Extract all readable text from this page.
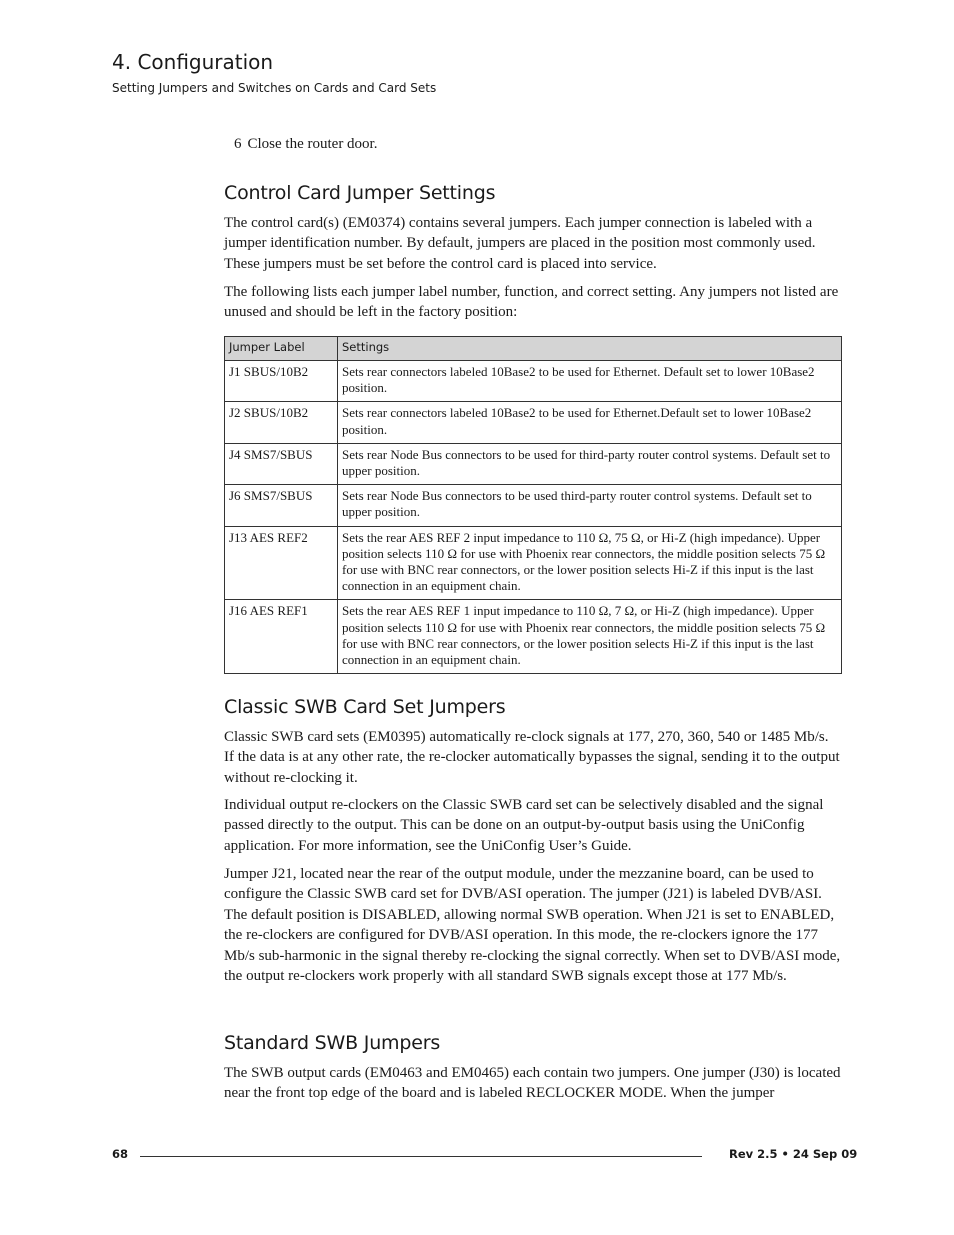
4. Configuration
Setting Jumpers and Switches on Cards and Card Sets
6 Close the router door.
Control Card Jumper Settings

The control card(s) (EM0374) contains several jumpers. Each jumper connection is labeled with a jumper identification number. By default, jumpers are placed in the position most commonly used. These jumpers must be set before the control card is placed into service.

The following lists each jumper label number, function, and correct setting. Any jumpers not listed are unused and should be left in the factory position:

Jumper Label	Settings
J1 SBUS/10B2	Sets rear connectors labeled 10Base2 to be used for Ethernet. Default set to lower 10Base2 position.
J2 SBUS/10B2	Sets rear connectors labeled 10Base2 to be used for Ethernet.Default set to lower 10Base2 position.
J4 SMS7/SBUS	Sets rear Node Bus connectors to be used for third-party router control systems. Default set to upper position.
J6 SMS7/SBUS	Sets rear Node Bus connectors to be used third-party router control systems. Default set to upper position.
J13 AES REF2	Sets the rear AES REF 2 input impedance to 110 Ω, 75 Ω, or Hi-Z (high impedance). Upper position selects 110 Ω for use with Phoenix rear connectors, the middle position selects 75 Ω for use with BNC rear connectors, or the lower position selects Hi-Z if this input is the last connection in an equipment chain.
J16 AES REF1	Sets the rear AES REF 1 input impedance to 110 Ω, 7 Ω, or Hi-Z (high impedance). Upper position selects 110 Ω for use with Phoenix rear connectors, the middle position selects 75 Ω for use with BNC rear connectors, or the lower position selects Hi-Z if this input is the last connection in an equipment chain.
Classic SWB Card Set Jumpers

Classic SWB card sets (EM0395) automatically re-clock signals at 177, 270, 360, 540 or 1485 Mb/s. If the data is at any other rate, the re-clocker automatically bypasses the signal, sending it to the output without re-clocking it.

Individual output re-clockers on the Classic SWB card set can be selectively disabled and the signal passed directly to the output. This can be done on an output-by-output basis using the UniConfig application. For more information, see the UniConfig User’s Guide.

Jumper J21, located near the rear of the output module, under the mezzanine board, can be used to configure the Classic SWB card set for DVB/ASI operation. The jumper (J21) is labeled DVB/ASI. The default position is DISABLED, allowing normal SWB operation. When J21 is set to ENABLED, the re-clockers are configured for DVB/ASI operation. In this mode, the re-clockers ignore the 177 Mb/s sub-harmonic in the signal thereby re-clocking the signal correctly. When set to DVB/ASI mode, the output re-clockers work properly with all standard SWB signals except those at 177 Mb/s.

Standard SWB Jumpers

The SWB output cards (EM0463 and EM0465) each contain two jumpers. One jumper (J30) is located near the front top edge of the board and is labeled RECLOCKER MODE. When the jumper

68	Rev 2.5 • 24 Sep 09
